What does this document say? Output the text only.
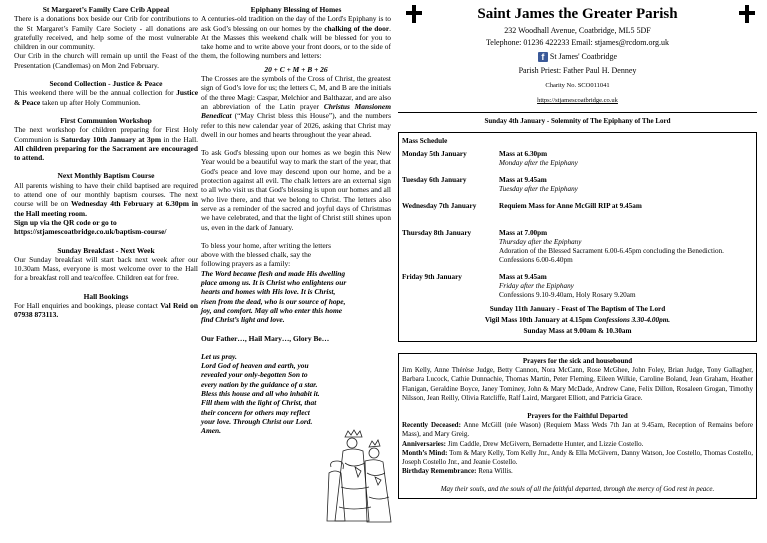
St Margaret’s Family Care Crib Appeal

There is a donations box beside our Crib for contributions to the St Margaret’s Family Care Society - all donations are gratefully received, and help some of the most vulnerable children in our community.

Our Crib in the church will remain up until the Feast of the Presentation (Candlemas) on Mon 2nd February.

Second Collection - Justice & Peace

This weekend there will be the annual collection for Justice & Peace taken up after Holy Communion.

First Communion Workshop

The next workshop for children preparing for First Holy Communion is Saturday 10th January at 3pm in the Hall. All children preparing for the Sacrament are encouraged to attend.

Next Monthly Baptism Course

All parents wishing to have their child baptised are required to attend one of our monthly baptism courses. The next course will be on Wednesday 4th February at 6.30pm in the Hall meeting room.

Sign up via the QR code or go to https://stjamescoatbridge.co.uk/baptism-course/

Sunday Breakfast - Next Week

Our Sunday breakfast will start back next week after our 10.30am Mass, everyone is most welcome over to the Hall for a breakfast roll and tea/coffee. Children eat for free.

Hall Bookings

For Hall enquiries and bookings, please contact Val Reid on 07938 873113.

Epiphany Blessing of Homes

A centuries-old tradition on the day of the Lord's Epiphany is to ask God’s blessing on our homes by the chalking of the door. At the Masses this weekend chalk will be blessed for you to take home and to write above your front doors, or to the side of them, the following numbers and letters:

20 + C + M + B + 26

The Crosses are the symbols of the Cross of Christ, the greatest sign of God’s love for us; the letters C, M, and B are the initials of the three Magi: Caspar, Melchior and Balthazar, and are also an abbreviation of the Latin prayer Christus Mansionem Benedicat (“May Christ bless this House”), and the numbers refer to this new calendar year of 2026, asking that Christ may dwell in our homes and hearts throughout the year ahead.

To ask God's blessing upon our homes as we begin this New Year would be a beautiful way to mark the start of the year, that God's peace and love may descend upon our home, and be a protection against all evil. The chalk letters are an external sign to all who visit us that God's blessing is upon our homes and all who live there, and that we belong to Christ. The letters also serve as a reminder of the sacred and joyful days of Christmas we have celebrated, and that the light of Christ still shines upon us, even in the dark of January.

To bless your home, after writing the letters above with the blessed chalk, say the following prayers as a family:

The Word became flesh and made His dwelling place among us. It is Christ who enlightens our hearts and homes with His love. It is Christ, risen from the dead, who is our source of hope, joy, and comfort. May all who enter this home find Christ’s light and love.

Our Father…, Hail Mary…, Glory Be…

Let us pray.
Lord God of heaven and earth, you revealed your only-begotten Son to every nation by the guidance of a star.
Bless this house and all who inhabit it. Fill them with the light of Christ, that their concern for others may reflect your love. Through Christ our Lord. Amen.

Saint James the Greater Parish
232 Woodhall Avenue, Coatbridge, ML5 5DF
Telephone: 01236 422233 Email: stjames@rcdom.org.uk
f St James' Coatbridge
Parish Priest: Father Paul H. Denney
Charity No. SCO011041
https://stjamescoatbridge.co.uk
Sunday 4th January - Solemnity of The Epiphany of The Lord
Mass Schedule
Monday 5th January	Mass at 6.30pm
Monday after the Epiphany
Tuesday 6th January	Mass at 9.45am
Tuesday after the Epiphany
Wednesday 7th January	Requiem Mass for Anne McGill RIP at 9.45am
Thursday 8th January	Mass at 7.00pm
Thursday after the Epiphany
Adoration of the Blessed Sacrament 6.00-6.45pm concluding the Benediction. Confessions 6.00-6.40pm
Friday 9th January	Mass at 9.45am
Friday after the Epiphany
Confessions 9.10-9.40am, Holy Rosary 9.20am
Sunday 11th January - Feast of The Baptism of The Lord
Vigil Mass 10th January at 4.15pm Confessions 3.30-4.00pm.
Sunday Mass at 9.00am & 10.30am
Prayers for the sick and housebound
Jim Kelly, Anne Thérèse Judge, Betty Cannon, Nora McCann, Rose McGhee, John Foley, Brian Judge, Tony Gallagher, Barbara Lucock, Cathie Dunnachie, Thomas Martin, Peter Fleming, Eileen Wilkie, Caroline Boland, Jean Graham, Heather Flanigan, Geraldine Boyce, Janey Tominey, John & Mary McDade, Andrew Cane, Felix Dillon, Rosaleen Grogan, Timothy Nilsson, Jean Reilly, Olivia Ratcliffe, Ralf Laird, Margaret Elliott, and Patricia Grace.
Prayers for the Faithful Departed
Recently Deceased: Anne McGill (née Wason) (Requiem Mass Weds 7th Jan at 9.45am, Reception of Remains before Mass), and Mary Greig.
Anniversaries: Jim Caddle, Drew McGivern, Bernadette Hunter, and Lizzie Costello.
Month’s Mind: Tom & Mary Kelly, Tom Kelly Jnr., Andy & Ella McGivern, Danny Watson, Joe Costello, Thomas Costello, Joseph Costello Jnr., and Jeanie Costello.
Birthday Remembrance: Rena Willis.
May their souls, and the souls of all the faithful departed, through the mercy of God rest in peace.
